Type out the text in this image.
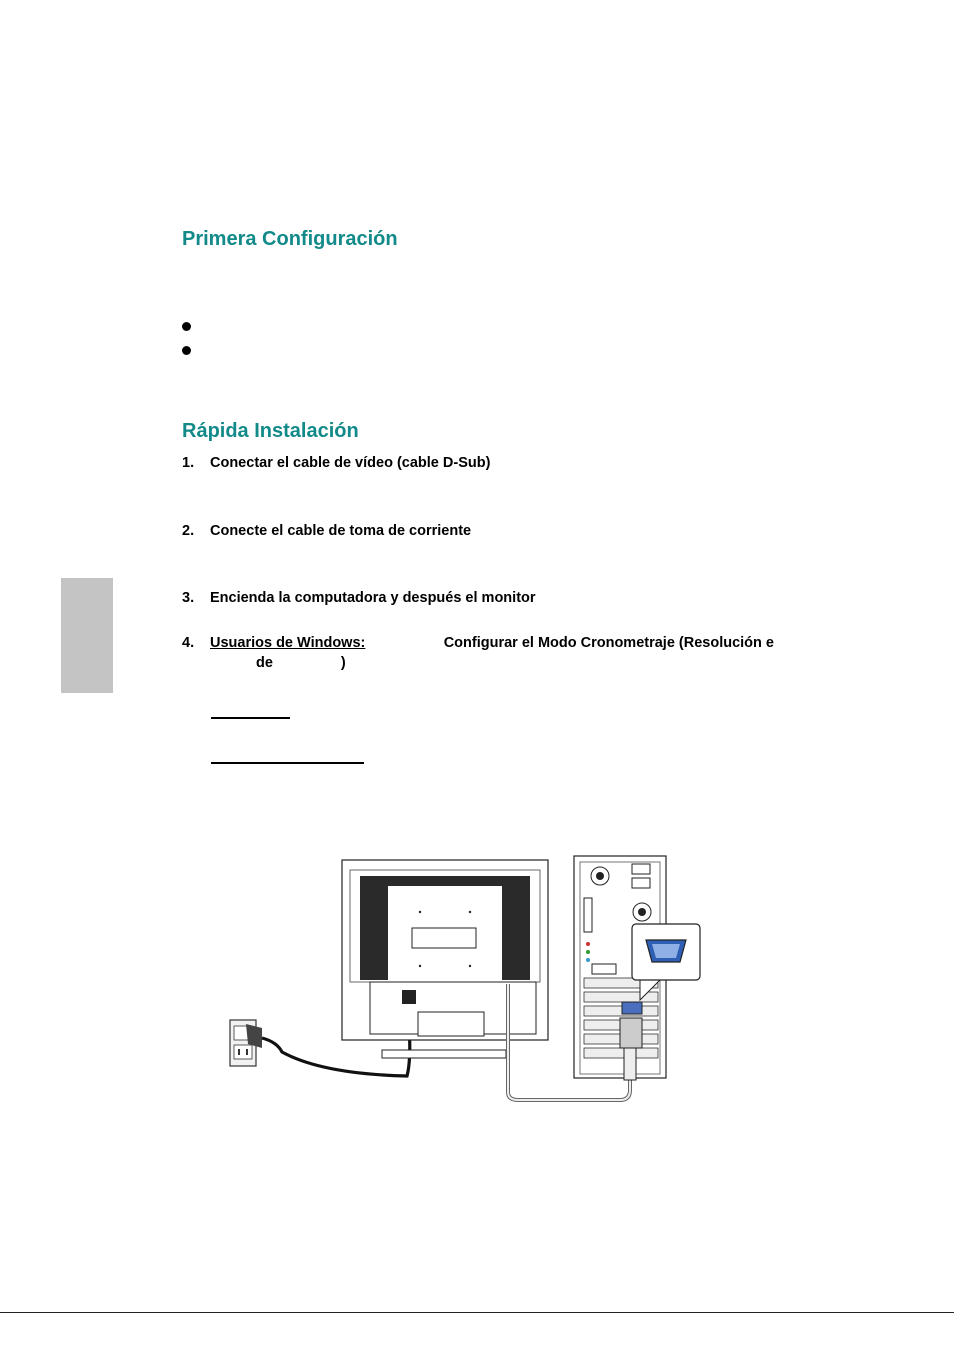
Primera Configuración
Rápida Instalación
1. Conectar el cable de vídeo (cable D-Sub)
2. Conecte el cable de toma de corriente
3. Encienda la computadora y después el monitor
4. Usuarios de Windows:	Configurar el Modo Cronometraje (Resolución e
de	)
